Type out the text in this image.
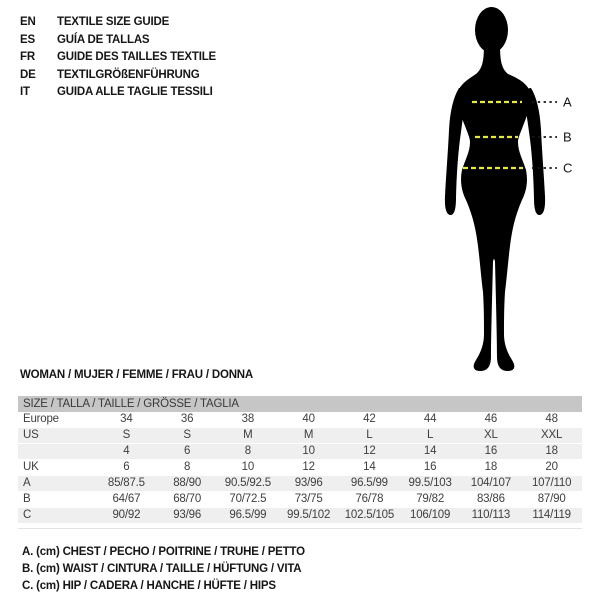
EN TEXTILE SIZE GUIDE
ES GUÍA DE TALLAS
FR GUIDE DES TAILLES TEXTILE
DE TEXTILGRÖßENFÜHRUNG
IT GUIDA ALLE TAGLIE TESSILI
A
B
C
WOMAN / MUJER / FEMME / FRAU / DONNA
SIZE / TALLA / TAILLE / GRÖSSE / TAGLIA
Europe	34	36	38	40	42	44	46	48
US	S	S	M	M	L	L	XL	XXL
	4	6	8	10	12	14	16	18
UK	6	8	10	12	14	16	18	20
A	85/87.5	88/90	90.5/92.5	93/96	96.5/99	99.5/103	104/107	107/110
B	64/67	68/70	70/72.5	73/75	76/78	79/82	83/86	87/90
C	90/92	93/96	96.5/99	99.5/102	102.5/105	106/109	110/113	114/119
A. (cm) CHEST / PECHO / POITRINE / TRUHE / PETTO
B. (cm) WAIST / CINTURA / TAILLE / HÜFTUNG / VITA
C. (cm) HIP / CADERA / HANCHE / HÜFTE / HIPS
